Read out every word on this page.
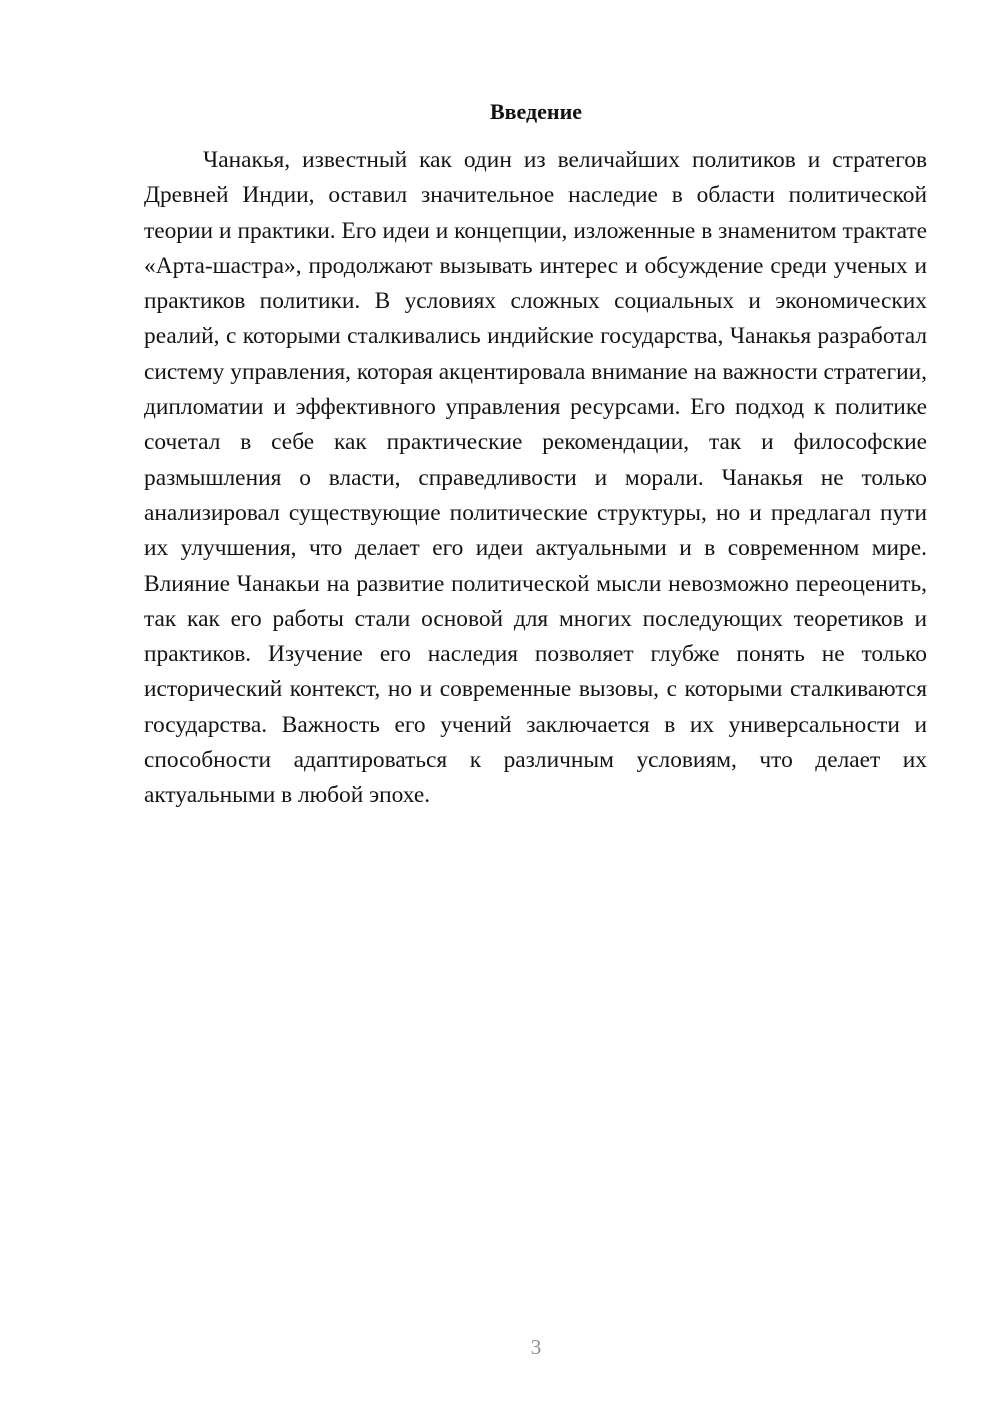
Введение

Чанакья, известный как один из величайших политиков и стратегов Древней Индии, оставил значительное наследие в области политической теории и практики. Его идеи и концепции, изложенные в знаменитом трактате «Арта-шастра», продолжают вызывать интерес и обсуждение среди ученых и практиков политики. В условиях сложных социальных и экономических реалий, с которыми сталкивались индийские государства, Чанакья разработал систему управления, которая акцентировала внимание на важности стратегии, дипломатии и эффективного управления ресурсами. Его подход к политике сочетал в себе как практические рекомендации, так и философские размышления о власти, справедливости и морали. Чанакья не только анализировал существующие политические структуры, но и предлагал пути их улучшения, что делает его идеи актуальными и в современном мире. Влияние Чанакьи на развитие политической мысли невозможно переоценить, так как его работы стали основой для многих последующих теоретиков и практиков. Изучение его наследия позволяет глубже понять не только исторический контекст, но и современные вызовы, с которыми сталкиваются государства. Важность его учений заключается в их универсальности и способности адаптироваться к различным условиям, что делает их актуальными в любой эпохе.

3
